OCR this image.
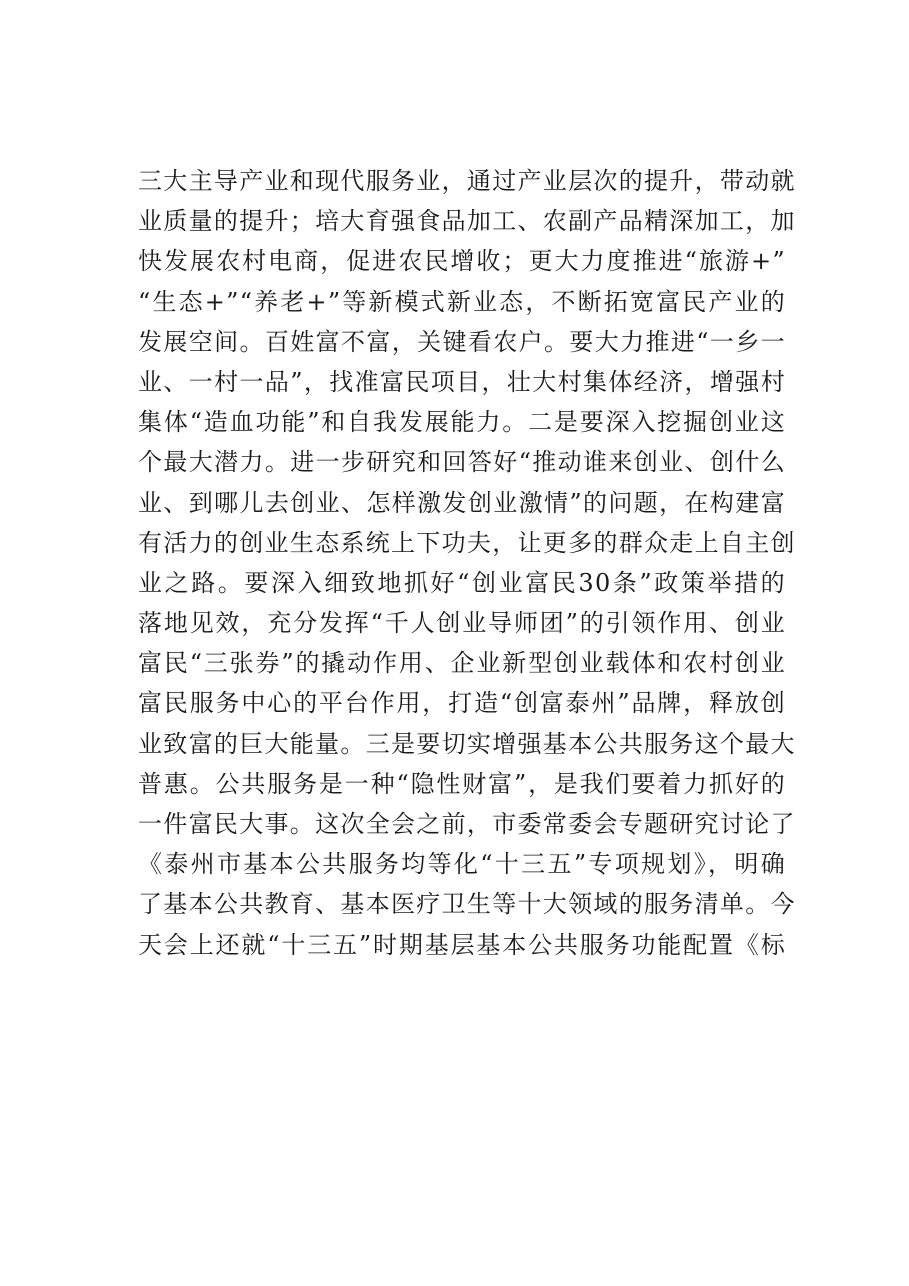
三大主导产业和现代服务业，通过产业层次的提升，带动就
业质量的提升；培大育强食品加工、农副产品精深加工，加
快发展农村电商，促进农民增收；更大力度推进“旅游+”
“生态+”“养老+”等新模式新业态，不断拓宽富民产业的
发展空间。百姓富不富，关键看农户。要大力推进“一乡一
业、一村一品”，找准富民项目，壮大村集体经济，增强村
集体“造血功能”和自我发展能力。二是要深入挖掘创业这
个最大潜力。进一步研究和回答好“推动谁来创业、创什么
业、到哪儿去创业、怎样激发创业激情”的问题，在构建富
有活力的创业生态系统上下功夫，让更多的群众走上自主创
业之路。要深入细致地抓好“创业富民30条”政策举措的
落地见效，充分发挥“千人创业导师团”的引领作用、创业
富民“三张券”的撬动作用、企业新型创业载体和农村创业
富民服务中心的平台作用，打造“创富泰州”品牌，释放创
业致富的巨大能量。三是要切实增强基本公共服务这个最大
普惠。公共服务是一种“隐性财富”，是我们要着力抓好的
一件富民大事。这次全会之前，市委常委会专题研究讨论了
《泰州市基本公共服务均等化“十三五”专项规划》，明确
了基本公共教育、基本医疗卫生等十大领域的服务清单。今
天会上还就“十三五”时期基层基本公共服务功能配置《标
